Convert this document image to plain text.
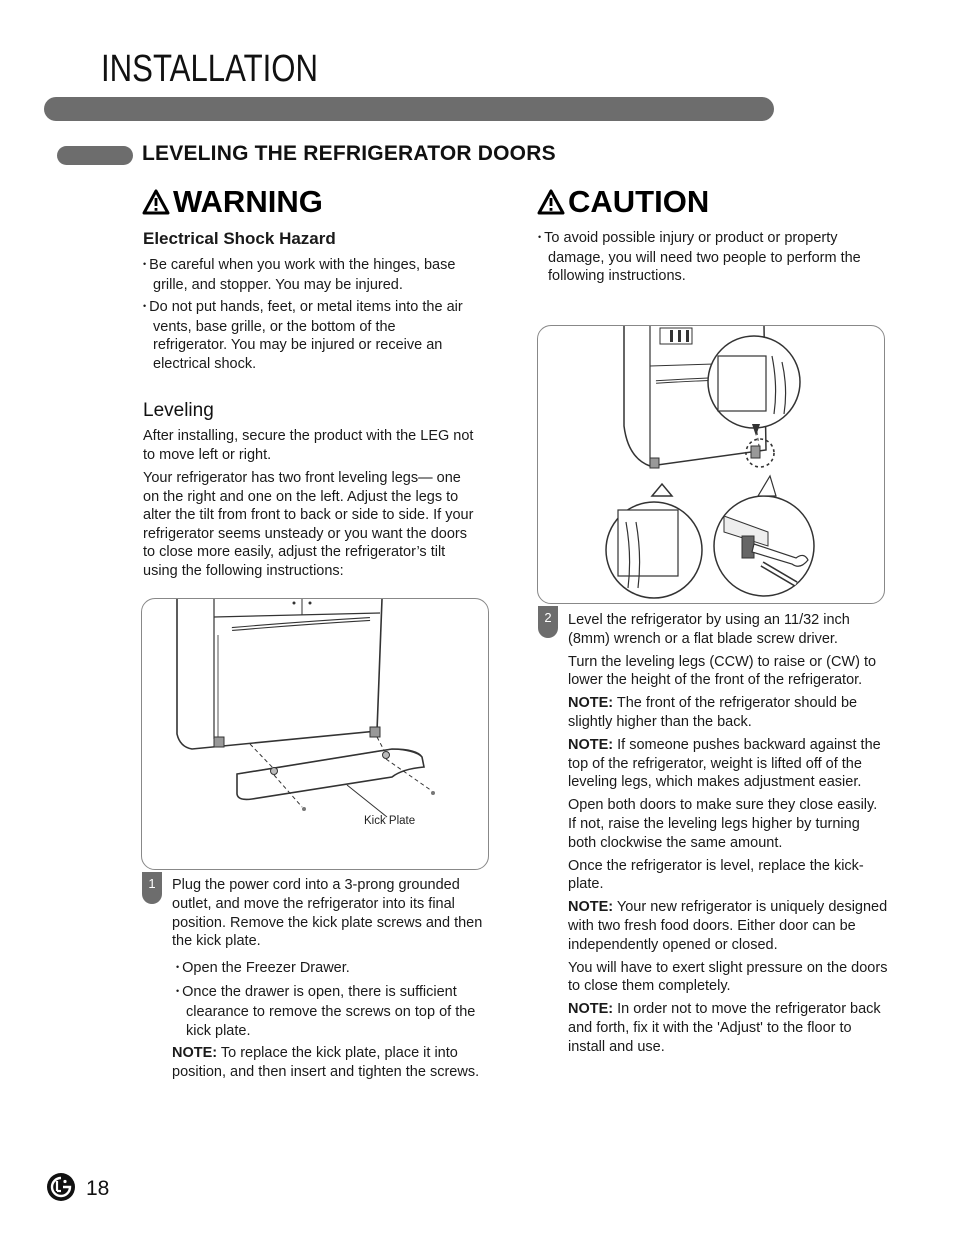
INSTALLATION
LEVELING THE REFRIGERATOR DOORS
WARNING
Electrical Shock Hazard
• Be careful when you work with the hinges, base grille, and stopper. You may be injured.
• Do not put hands, feet, or metal items into the air vents, base grille, or the bottom of the refrigerator. You may be injured or receive an electrical shock.
Leveling
After installing, secure the product with the LEG not to move left or right.
Your refrigerator has two front leveling legs— one on the right and one on the left. Adjust the legs to alter the tilt from front to back or side to side. If your refrigerator seems unsteady or you want the doors to close more easily, adjust the refrigerator’s tilt using the following instructions:
Kick Plate
1	Plug the power cord into a 3-prong grounded outlet, and move the refrigerator into its final position. Remove the kick plate screws and then the kick plate.

• Open the Freezer Drawer.

• Once the drawer is open, there is sufficient clearance to remove the screws on top of the kick plate.

NOTE: To replace the kick plate, place it into position, and then insert and tighten the screws.

CAUTION
• To avoid possible injury or product or property damage, you will need two people to perform the following instructions.
2	Level the refrigerator by using an 11/32 inch (8mm) wrench or a flat blade screw driver.

Turn the leveling legs (CCW) to raise or (CW) to lower the height of the front of the refrigerator.

NOTE: The front of the refrigerator should be slightly higher than the back.

NOTE: If someone pushes backward against the top of the refrigerator, weight is lifted off of the leveling legs, which makes adjustment easier.

Open both doors to make sure they close easily. If not, raise the leveling legs higher by turning both clockwise the same amount.

Once the refrigerator is level, replace the kick-plate.

NOTE: Your new refrigerator is uniquely designed with two fresh food doors. Either door can be independently opened or closed.

You will have to exert slight pressure on the doors to close them completely.

NOTE: In order not to move the refrigerator back and forth, fix it with the 'Adjust' to the floor to install and use.

18
